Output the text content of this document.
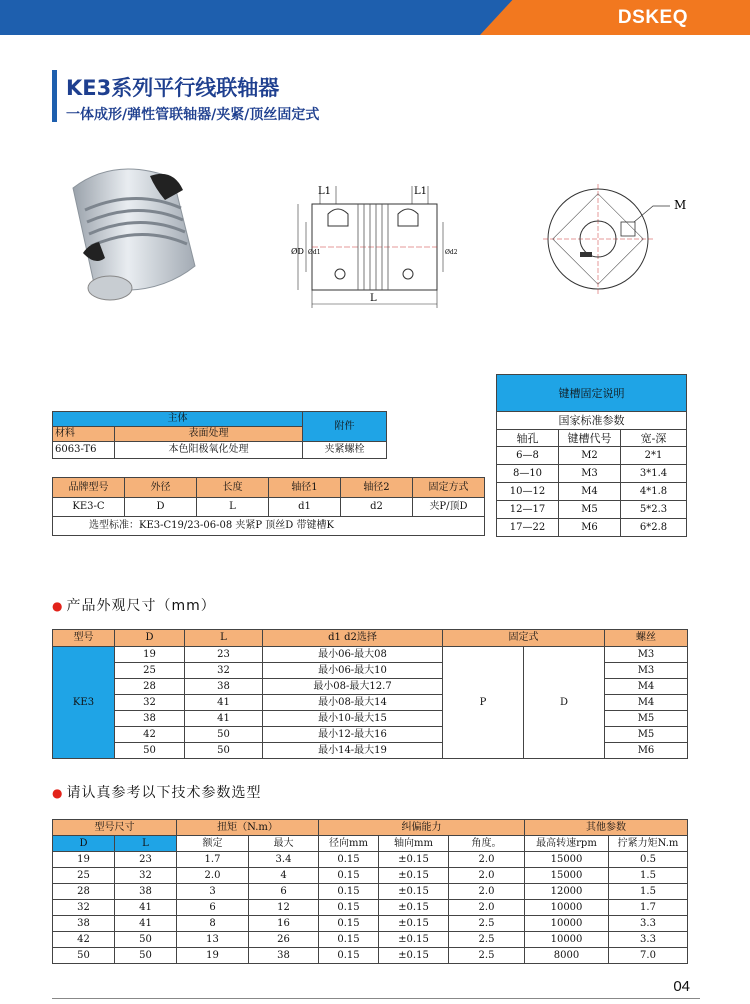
DSKEQ
KE3系列平行线联轴器
一体成形/弹性管联轴器/夹紧/顶丝固定式
L1	L1
L
ØD Ød1	Ød2
M
主体		附件
材料	表面处理	
6063-T6	本色阳极氧化处理	夹紧螺栓
品牌型号	外径	长度	轴径1	轴径2	固定方式
KE3-C	D	L	d1	d2	夹P/顶D
选型标准：KE3-C19/23-06-08 夹紧P 顶丝D 带键槽K					
键槽固定说明		
国家标准参数		
轴孔	键槽代号	宽-深
6—8	M2	2*1
8—10	M3	3*1.4
10—12	M4	4*1.8
12—17	M5	5*2.3
17—22	M6	6*2.8
● 产品外观尺寸（mm）
型号	D	L	d1 d2选择	固定式		螺丝
KE3	19	23	最小06-最大08	P	D	M3
	25	32	最小06-最大10			M3
	28	38	最小08-最大12.7			M4
	32	41	最小08-最大14			M4
	38	41	最小10-最大15			M5
	42	50	最小12-最大16			M5
	50	50	最小14-最大19			M6
● 请认真参考以下技术参数选型
型号尺寸		扭矩（N.m）		纠偏能力			其他参数	
D	L	额定	最大	径向mm	轴向mm	角度。	最高转速rpm	拧紧力矩N.m
19	23	1.7	3.4	0.15	±0.15	2.0	15000	0.5
25	32	2.0	4	0.15	±0.15	2.0	15000	1.5
28	38	3	6	0.15	±0.15	2.0	12000	1.5
32	41	6	12	0.15	±0.15	2.0	10000	1.7
38	41	8	16	0.15	±0.15	2.5	10000	3.3
42	50	13	26	0.15	±0.15	2.5	10000	3.3
50	50	19	38	0.15	±0.15	2.5	8000	7.0
04
